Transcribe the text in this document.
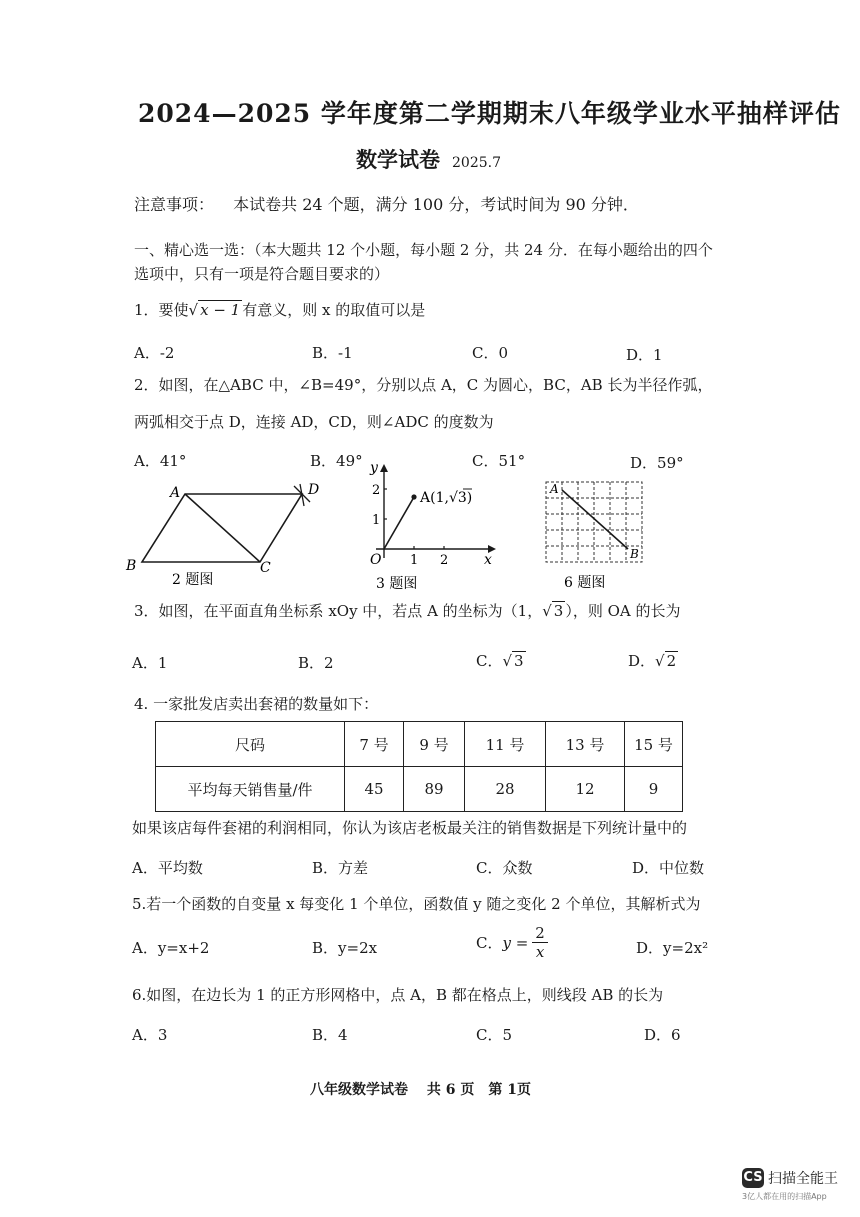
2024—2025 学年度第二学期期末八年级学业水平抽样评估
数学试卷 2025.7
注意事项： 本试卷共 24 个题，满分 100 分，考试时间为 90 分钟．
一、精心选一选：（本大题共 12 个小题，每小题 2 分，共 24 分．在每小题给出的四个
选项中，只有一项是符合题目要求的）
1．要使√ x − 1 有意义，则 x 的取值可以是
A．-2	B．-1	C．0	D．1
2．如图，在△ABC 中，∠B=49°，分别以点 A，C 为圆心，BC，AB 长为半径作弧，
两弧相交于点 D，连接 AD，CD，则∠ADC 的度数为
A．41°	B．49°	C．51°	D．59°
A	D
B	C
2 题图
y
x
O 1 2
1
2	A(1,√3)
3 题图
A
B
6 题图
3．如图，在平面直角坐标系 xOy 中，若点 A 的坐标为（1，√ 3 ），则 OA 的长为
A．1	B．2	C．√ 3	D．√ 2
4. 一家批发店卖出套裙的数量如下：
尺码	7 号	9 号	11 号	13 号	15 号
平均每天销售量/件	45	89	28	12	9
如果该店每件套裙的利润相同，你认为该店老板最关注的销售数据是下列统计量中的
A．平均数	B．方差	C．众数	D．中位数
5.若一个函数的自变量 x 每变化 1 个单位，函数值 y 随之变化 2 个单位，其解析式为
A．y=x+2	B．y=2x	C． $y = \frac{2}{x}$	D．y=2x²
6.如图，在边长为 1 的正方形网格中，点 A，B 都在格点上，则线段 AB 的长为
A．3	B．4	C．5	D．6
八年级数学试卷　 共 6 页　第 1页
CS 扫描全能王
3亿人都在用的扫描App
